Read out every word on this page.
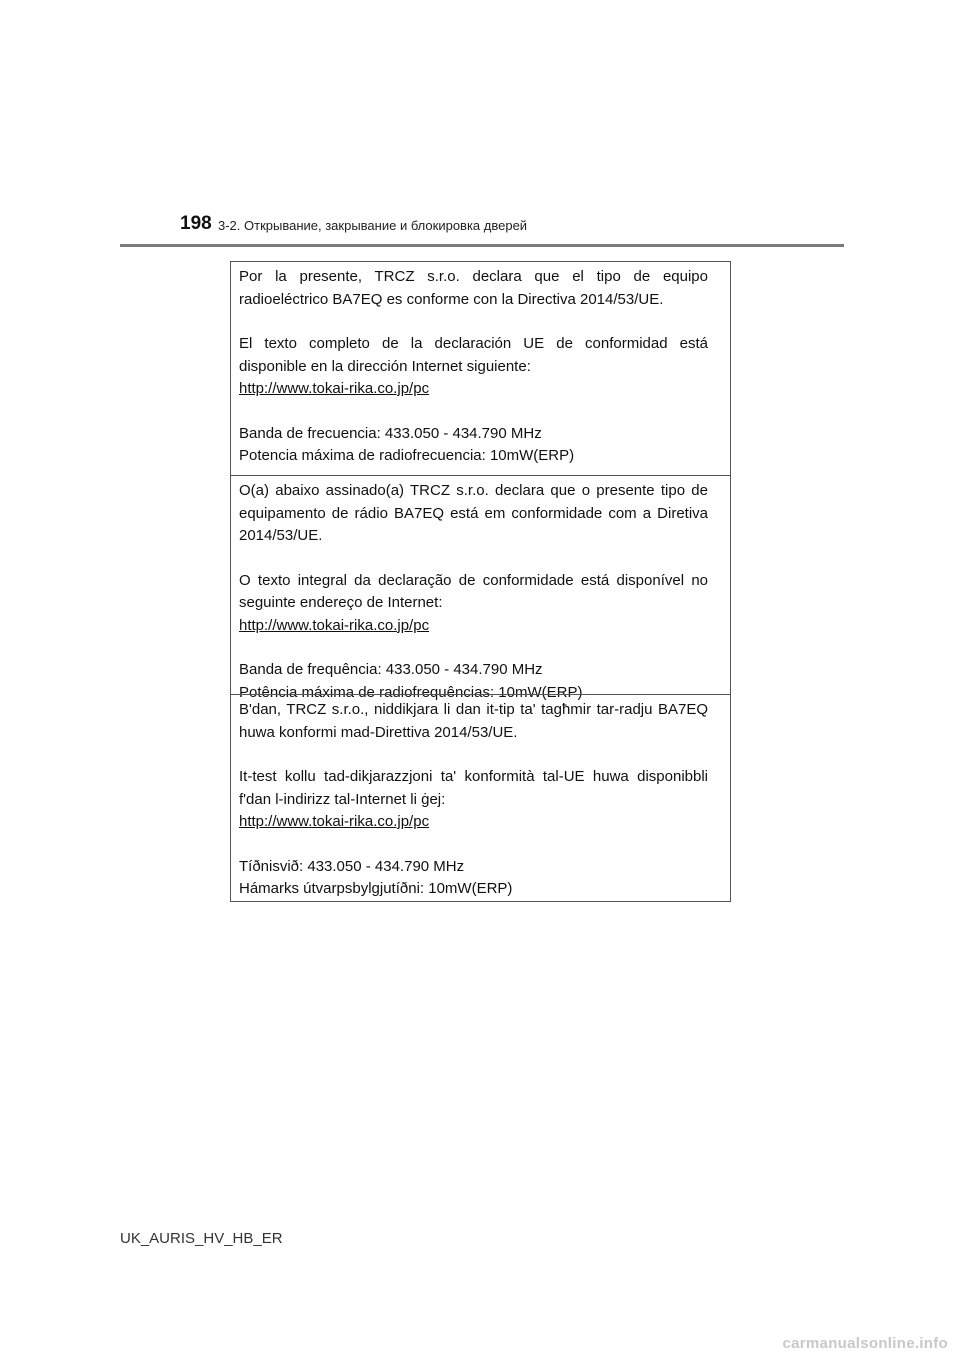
198 3-2. Открывание, закрывание и блокировка дверей

Por la presente, TRCZ s.r.o. declara que el tipo de equipo radioeléctrico BA7EQ es conforme con la Directiva 2014/53/UE.

El texto completo de la declaración UE de conformidad está disponible en la dirección Internet siguiente:
http://www.tokai-rika.co.jp/pc

Banda de frecuencia: 433.050 - 434.790 MHz
Potencia máxima de radiofrecuencia: 10mW(ERP)

O(a) abaixo assinado(a) TRCZ s.r.o. declara que o presente tipo de equipamento de rádio BA7EQ está em conformidade com a Diretiva 2014/53/UE.

O texto integral da declaração de conformidade está disponível no seguinte endereço de Internet:
http://www.tokai-rika.co.jp/pc

Banda de frequência: 433.050 - 434.790 MHz
Potência máxima de radiofrequências: 10mW(ERP)

B'dan, TRCZ s.r.o., niddikjara li dan it-tip ta' tagħmir tar-radju BA7EQ huwa konformi mad-Direttiva 2014/53/UE.

It-test kollu tad-dikjarazzjoni ta' konformità tal-UE huwa disponibbli f'dan l-indirizz tal-Internet li ġej:
http://www.tokai-rika.co.jp/pc

Tíðnisvið: 433.050 - 434.790 MHz
Hámarks útvarpsbylgjutíðni: 10mW(ERP)

UK_AURIS_HV_HB_ER
carmanualsonline.info
